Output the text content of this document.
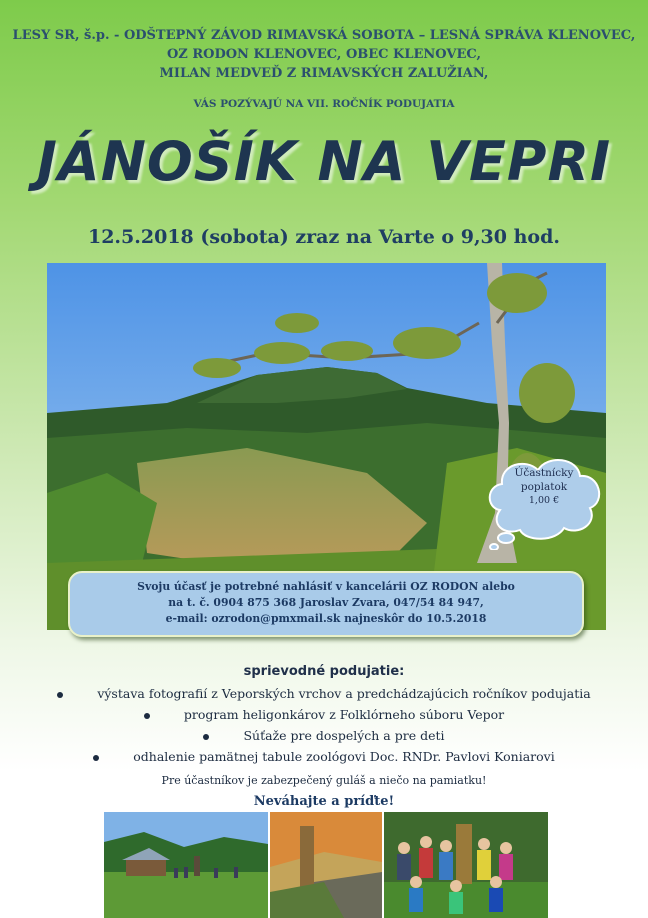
LESY SR, š.p. - ODŠTEPNÝ ZÁVOD RIMAVSKÁ SOBOTA – LESNÁ SPRÁVA KLENOVEC,
OZ RODON KLENOVEC, OBEC KLENOVEC,
MILAN MEDVEĎ Z RIMAVSKÝCH ZALUŽIAN,
VÁS POZÝVAJÚ NA VII. ROČNÍK PODUJATIA
JÁNOŠÍK NA VEPRI
12.5.2018 (sobota) zraz na Varte o 9,30 hod.
Účastnícky
poplatok
1,00 €
Svoju účasť je potrebné nahlásiť v kancelárii OZ RODON alebo
na t. č. 0904 875 368 Jaroslav Zvara, 047/54 84 947,
e-mail: ozrodon@pmxmail.sk najneskôr do 10.5.2018
sprievodné podujatie:
výstava fotografií z Veporských vrchov a predchádzajúcich ročníkov podujatia
program heligonkárov z Folklórneho súboru Vepor
Súťaže pre dospelých a pre deti
odhalenie pamätnej tabule zoológovi Doc. RNDr. Pavlovi Koniarovi
Pre účastníkov je zabezpečený guláš a niečo na pamiatku!
Neváhajte a príďte!
